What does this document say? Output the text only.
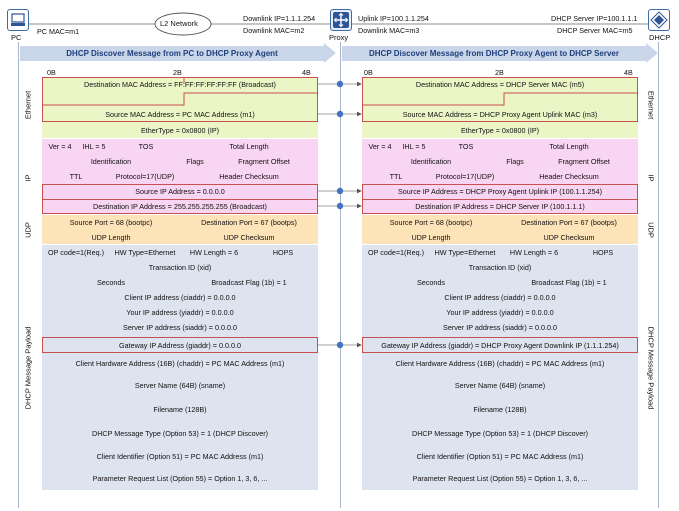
PC
PC MAC=m1
L2 Network
Downlink IP=1.1.1.254
Downlink MAC=m2
Proxy
Uplink IP=100.1.1.254
Downlink MAC=m3
DHCP Server IP=100.1.1.1
DHCP Server MAC=m5
DHCP
DHCP Discover Message from PC to DHCP Proxy Agent	DHCP Discover Message from DHCP Proxy Agent to DHCP Server
0B	2B	4B	0B	2B	4B
Ethernet
IP
UDP
DHCP Message Payload
Ethernet
IP
UDP
DHCP Message Payload
Destination MAC Address = FF:FF:FF:FF:FF:FF (Broadcast)
Source MAC Address = PC MAC Address (m1)
EtherType = 0x0800 (IP)
Ver = 4	IHL = 5	TOS	Total Length
Identification	Flags	Fragment Offset
TTL	Protocol=17(UDP)	Header Checksum
Source IP Address = 0.0.0.0
Destination IP Address = 255.255.255.255 (Broadcast)
Source Port = 68 (bootpc)	Destination Port = 67 (bootps)
UDP Length	UDP Checksum
OP code=1(Req.)	HW Type=Ethernet	HW Length = 6	HOPS
Transaction ID (xid)
Seconds	Broadcast Flag (1b) = 1
Client IP address (ciaddr) = 0.0.0.0
Your IP address (yiaddr) = 0.0.0.0
Server IP address (siaddr) = 0.0.0.0
Gateway IP Address (giaddr) = 0.0.0.0
Client Hardware Address (16B) (chaddr) = PC MAC Address (m1)
Server Name (64B) (sname)
Filename (128B)
DHCP Message Type (Option 53) = 1 (DHCP Discover)
Client Identifier (Option 51) = PC MAC Address (m1)
Parameter Request List (Option 55) = Option 1, 3, 6, ...
Destination MAC Address = DHCP Server MAC (m5)
Source MAC Address = DHCP Proxy Agent Uplink MAC (m3)
EtherType = 0x0800 (IP)
Ver = 4	IHL = 5	TOS	Total Length
Identification	Flags	Fragment Offset
TTL	Protocol=17(UDP)	Header Checksum
Source IP Address = DHCP Proxy Agent Uplink IP (100.1.1.254)
Destination IP Address = DHCP Server IP (100.1.1.1)
Source Port = 68 (bootpc)	Destination Port = 67 (bootps)
UDP Length	UDP Checksum
OP code=1(Req.)	HW Type=Ethernet	HW Length = 6	HOPS
Transaction ID (xid)
Seconds	Broadcast Flag (1b) = 1
Client IP address (ciaddr) = 0.0.0.0
Your IP address (yiaddr) = 0.0.0.0
Server IP address (siaddr) = 0.0.0.0
Gateway IP Address (giaddr) = DHCP Proxy Agent Downlink IP (1.1.1.254)
Client Hardware Address (16B) (chaddr) = PC MAC Address (m1)
Server Name (64B) (sname)
Filename (128B)
DHCP Message Type (Option 53) = 1 (DHCP Discover)
Client Identifier (Option 51) = PC MAC Address (m1)
Parameter Request List (Option 55) = Option 1, 3, 6, ...
